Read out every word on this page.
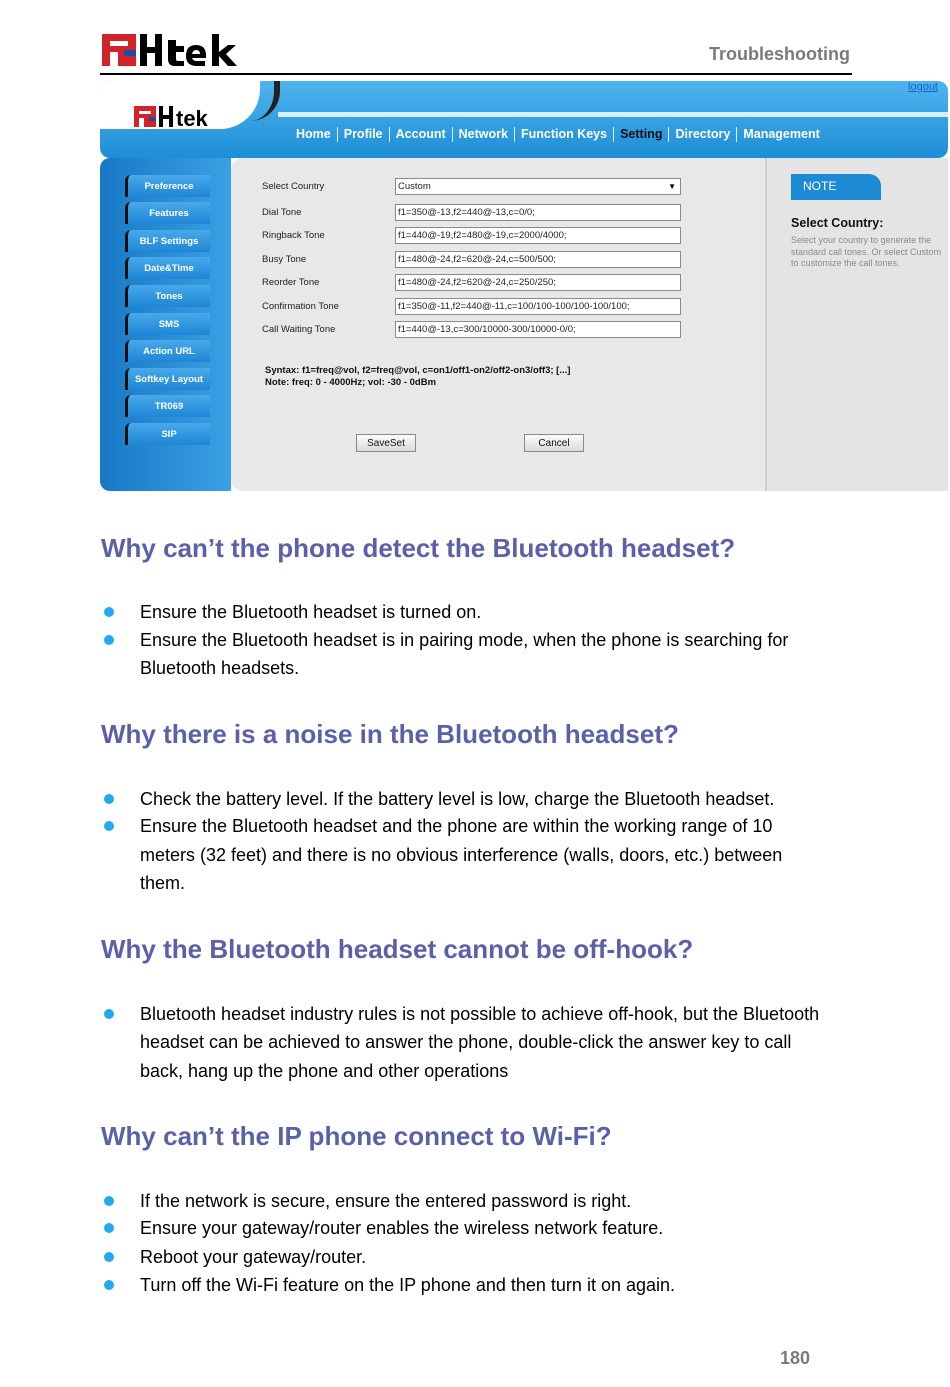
Troubleshooting
tek
Home	Profile	Account	Network	Function Keys	Setting	Directory	Management
logout
Preference
Features
BLF Settings
Date&Time
Tones
SMS
Action URL
Softkey Layout
TR069
SIP
Select Country	Custom	▼
Dial Tone	f1=350@-13,f2=440@-13,c=0/0;
Ringback Tone	f1=440@-19,f2=480@-19,c=2000/4000;
Busy Tone	f1=480@-24,f2=620@-24,c=500/500;
Reorder Tone	f1=480@-24,f2=620@-24,c=250/250;
Confirmation Tone	f1=350@-11,f2=440@-11,c=100/100-100/100-100/100;
Call Waiting Tone	f1=440@-13,c=300/10000-300/10000-0/0;
Syntax: f1=freq@vol, f2=freq@vol, c=on1/off1-on2/off2-on3/off3; [...]
Note: freq: 0 - 4000Hz; vol: -30 - 0dBm
SaveSet	Cancel
NOTE
Select Country:
Select your country to generate the standard call tones. Or select Custom to customize the call tones.
Why can’t the phone detect the Bluetooth headset?
Ensure the Bluetooth headset is turned on.
Ensure the Bluetooth headset is in pairing mode, when the phone is searching for
Bluetooth headsets.
Why there is a noise in the Bluetooth headset?
Check the battery level. If the battery level is low, charge the Bluetooth headset.
Ensure the Bluetooth headset and the phone are within the working range of 10
meters (32 feet) and there is no obvious interference (walls, doors, etc.) between
them.
Why the Bluetooth headset cannot be off-hook?
Bluetooth headset industry rules is not possible to achieve off-hook, but the Bluetooth
headset can be achieved to answer the phone, double-click the answer key to call
back, hang up the phone and other operations
Why can’t the IP phone connect to Wi-Fi?
If the network is secure, ensure the entered password is right.
Ensure your gateway/router enables the wireless network feature.
Reboot your gateway/router.
Turn off the Wi-Fi feature on the IP phone and then turn it on again.
180
